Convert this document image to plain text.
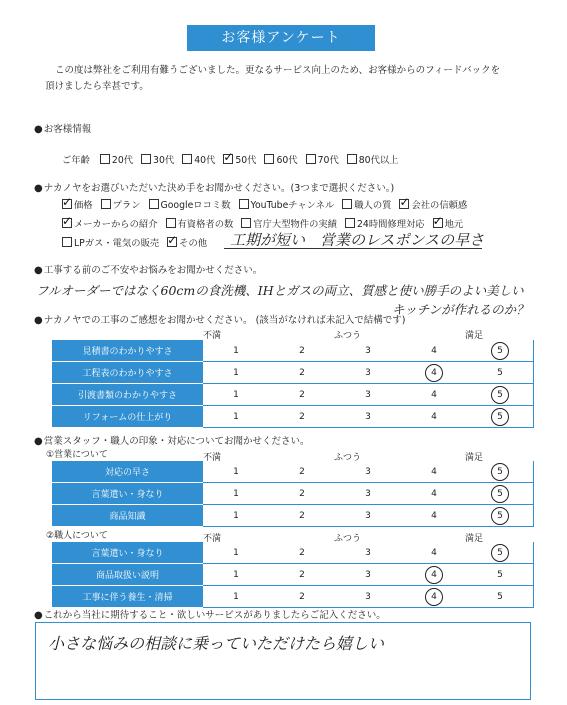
お客様アンケート
この度は弊社をご利用有難うございました。更なるサービス向上のため、お客様からのフィードバックを
頂けましたら幸甚です。
●お客様情報
ご年齢 20代 30代 40代 ✓ 50代 60代 70代 80代以上
●ナカノヤをお選びいただいた決め手をお聞かせください。(3つまで選択ください。)
✓ 価格 プラン Googleロコミ数 YouTubeチャンネル 職人の質 ✓ 会社の信頼感
✓ メーカーからの紹介 有資格者の数 官庁大型物件の実績 24時間修理対応 ✓ 地元
LPガス・電気の販売 ✓ その他	工期が短い　営業のレスポンスの早さ
●工事する前のご不安やお悩みをお聞かせください。
フルオーダーではなく60cmの食洗機、IHとガスの両立、質感と使い勝手のよい美しい
キッチンが作れるのか？
●ナカノヤでの工事のご感想をお聞かせください。 (該当がなければ未記入で結構です)
不満	ふつう	満足
見積書のわかりやすさ	1	2	3	4	5
工程表のわかりやすさ	1	2	3	4	5
引渡書類のわかりやすさ	1	2	3	4	5
リフォームの仕上がり	1	2	3	4	5
●営業スタッフ・職人の印象・対応についてお聞かせください。
①営業について	不満	ふつう	満足
対応の早さ	1	2	3	4	5
言葉遣い・身なり	1	2	3	4	5
商品知識	1	2	3	4	5
②職人について	不満	ふつう	満足
言葉遣い・身なり	1	2	3	4	5
商品取扱い説明	1	2	3	4	5
工事に伴う養生・清掃	1	2	3	4	5
●これから当社に期待すること・欲しいサービスがありましたらご記入ください。
小さな悩みの相談に乗っていただけたら嬉しい
